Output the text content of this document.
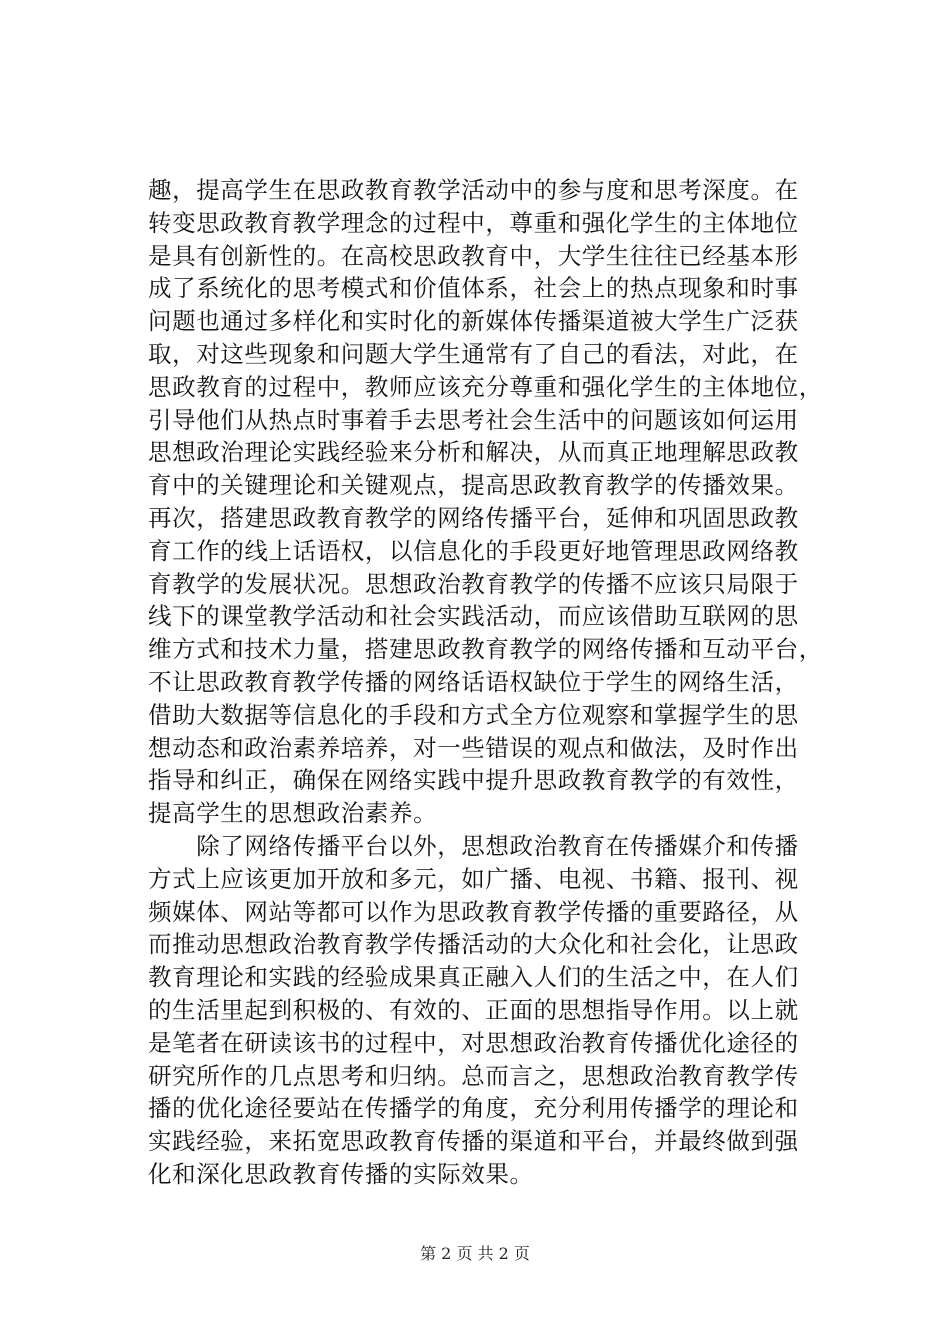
趣，提高学生在思政教育教学活动中的参与度和思考深度。在
转变思政教育教学理念的过程中，尊重和强化学生的主体地位
是具有创新性的。在高校思政教育中，大学生往往已经基本形
成了系统化的思考模式和价值体系，社会上的热点现象和时事
问题也通过多样化和实时化的新媒体传播渠道被大学生广泛获
取，对这些现象和问题大学生通常有了自己的看法，对此，在
思政教育的过程中，教师应该充分尊重和强化学生的主体地位，
引导他们从热点时事着手去思考社会生活中的问题该如何运用
思想政治理论实践经验来分析和解决，从而真正地理解思政教
育中的关键理论和关键观点，提高思政教育教学的传播效果。
再次，搭建思政教育教学的网络传播平台，延伸和巩固思政教
育工作的线上话语权，以信息化的手段更好地管理思政网络教
育教学的发展状况。思想政治教育教学的传播不应该只局限于
线下的课堂教学活动和社会实践活动，而应该借助互联网的思
维方式和技术力量，搭建思政教育教学的网络传播和互动平台，
不让思政教育教学传播的网络话语权缺位于学生的网络生活，
借助大数据等信息化的手段和方式全方位观察和掌握学生的思
想动态和政治素养培养，对一些错误的观点和做法，及时作出
指导和纠正，确保在网络实践中提升思政教育教学的有效性，
提高学生的思想政治素养。
　　除了网络传播平台以外，思想政治教育在传播媒介和传播
方式上应该更加开放和多元，如广播、电视、书籍、报刊、视
频媒体、网站等都可以作为思政教育教学传播的重要路径，从
而推动思想政治教育教学传播活动的大众化和社会化，让思政
教育理论和实践的经验成果真正融入人们的生活之中，在人们
的生活里起到积极的、有效的、正面的思想指导作用。以上就
是笔者在研读该书的过程中，对思想政治教育传播优化途径的
研究所作的几点思考和归纳。总而言之，思想政治教育教学传
播的优化途径要站在传播学的角度，充分利用传播学的理论和
实践经验，来拓宽思政教育传播的渠道和平台，并最终做到强
化和深化思政教育传播的实际效果。
第 2 页 共 2 页
